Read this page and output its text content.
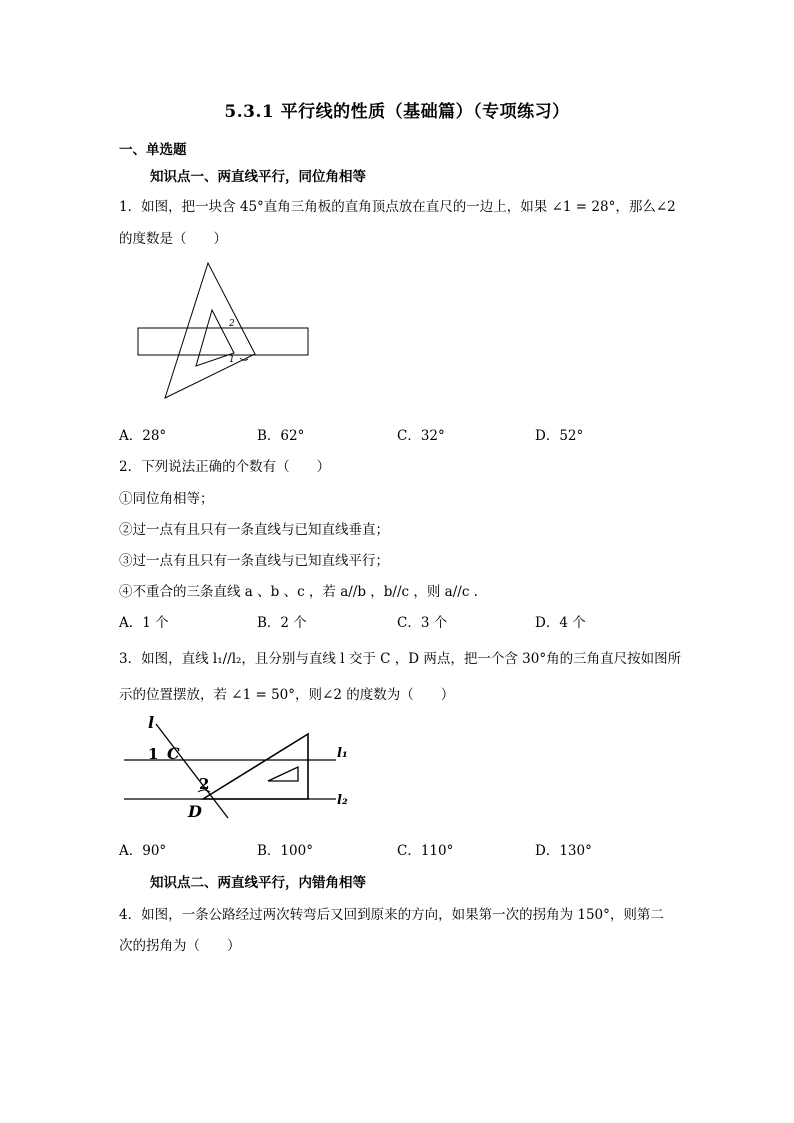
5.3.1 平行线的性质（基础篇）（专项练习）
一、单选题
知识点一、两直线平行，同位角相等
1．如图，把一块含 45°直角三角板的直角顶点放在直尺的一边上，如果 ∠1 = 28°，那么∠2
的度数是（　　）
2
1
A．28°	B．62°	C．32°	D．52°
2．下列说法正确的个数有（　　）
①同位角相等；
②过一点有且只有一条直线与已知直线垂直；
③过一点有且只有一条直线与已知直线平行；
④不重合的三条直线 a 、b 、c ，若 a//b ，b//c ，则 a//c .
A．1 个	B．2 个	C．3 个	D．4 个
3．如图，直线 l₁//l₂，且分别与直线 l 交于 C ，D 两点，把一个含 30°角的三角直尺按如图所
示的位置摆放，若 ∠1 = 50°，则∠2 的度数为（　　）
l
1 C
2
D
l₁
l₂
A．90°	B．100°	C．110°	D．130°
知识点二、两直线平行，内错角相等
4．如图，一条公路经过两次转弯后又回到原来的方向，如果第一次的拐角为 150°，则第二
次的拐角为（　　）
